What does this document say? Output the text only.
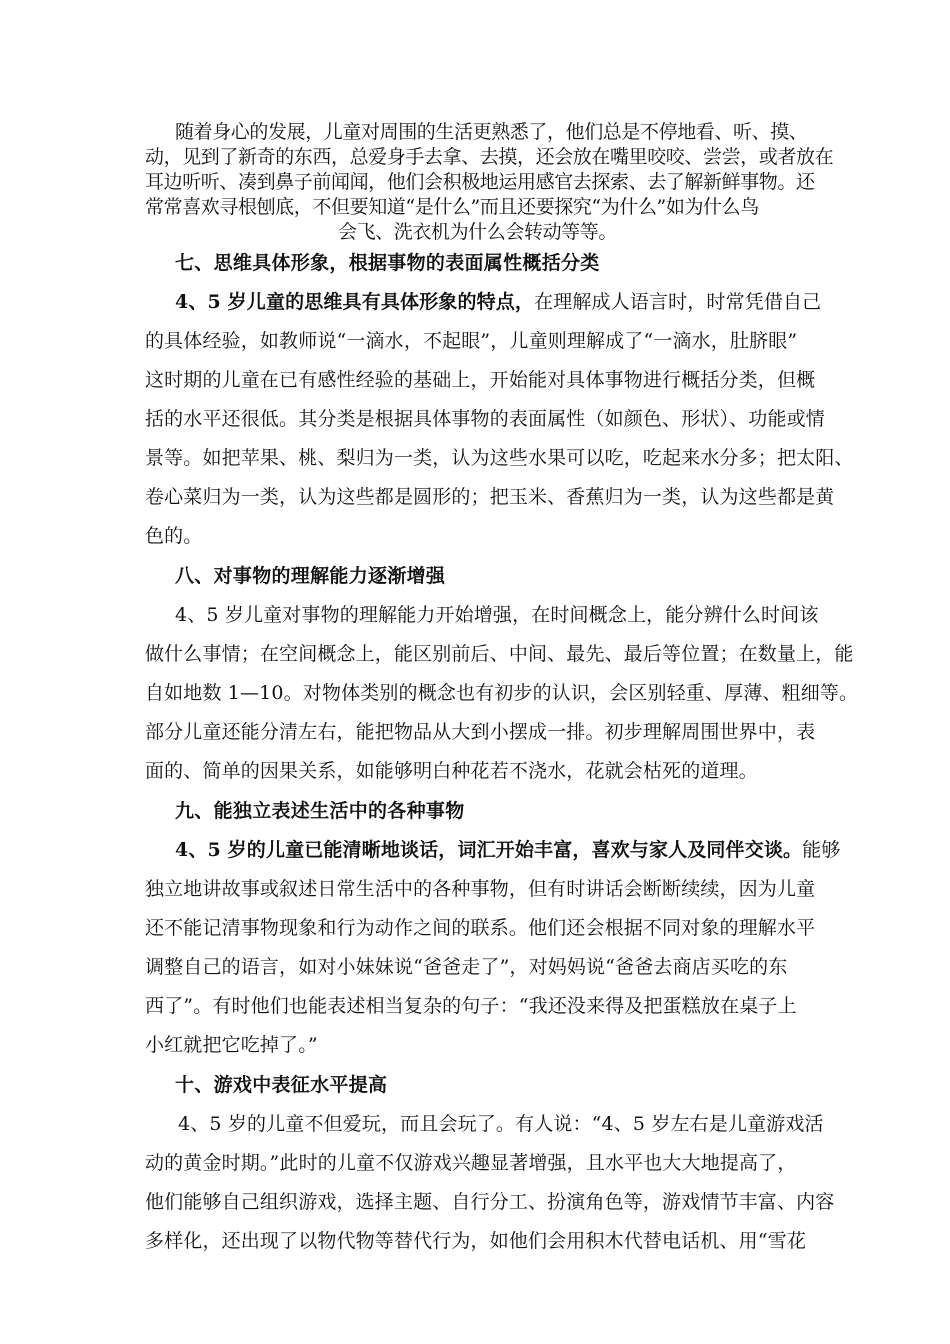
随着身心的发展，儿童对周围的生活更熟悉了，他们总是不停地看、听、摸、
动，见到了新奇的东西，总爱身手去拿、去摸，还会放在嘴里咬咬、尝尝，或者放在
耳边听听、凑到鼻子前闻闻，他们会积极地运用感官去探索、去了解新鲜事物。还
常常喜欢寻根刨底，不但要知道“是什么”而且还要探究“为什么”如为什么鸟
会飞、洗衣机为什么会转动等等。
七、思维具体形象，根据事物的表面属性概括分类
4、5 岁儿童的思维具有具体形象的特点，在理解成人语言时，时常凭借自己
的具体经验，如教师说“一滴水，不起眼”，儿童则理解成了“一滴水，肚脐眼”
这时期的儿童在已有感性经验的基础上，开始能对具体事物进行概括分类，但概
括的水平还很低。其分类是根据具体事物的表面属性（如颜色、形状）、功能或情
景等。如把苹果、桃、梨归为一类，认为这些水果可以吃，吃起来水分多；把太阳、
卷心菜归为一类，认为这些都是圆形的；把玉米、香蕉归为一类，认为这些都是黄
色的。
八、对事物的理解能力逐渐增强
4、5 岁儿童对事物的理解能力开始增强，在时间概念上，能分辨什么时间该
做什么事情；在空间概念上，能区别前后、中间、最先、最后等位置；在数量上，能
自如地数 1—10。对物体类别的概念也有初步的认识，会区别轻重、厚薄、粗细等。
部分儿童还能分清左右，能把物品从大到小摆成一排。初步理解周围世界中，表
面的、简单的因果关系，如能够明白种花若不浇水，花就会枯死的道理。
九、能独立表述生活中的各种事物
4、5 岁的儿童已能清晰地谈话，词汇开始丰富，喜欢与家人及同伴交谈。能够
独立地讲故事或叙述日常生活中的各种事物，但有时讲话会断断续续，因为儿童
还不能记清事物现象和行为动作之间的联系。他们还会根据不同对象的理解水平
调整自己的语言，如对小妹妹说“爸爸走了”，对妈妈说“爸爸去商店买吃的东
西了”。有时他们也能表述相当复杂的句子：“我还没来得及把蛋糕放在桌子上
小红就把它吃掉了。”
十、游戏中表征水平提高
4、5 岁的儿童不但爱玩，而且会玩了。有人说：“4、5 岁左右是儿童游戏活
动的黄金时期。”此时的儿童不仅游戏兴趣显著增强，且水平也大大地提高了，
他们能够自己组织游戏，选择主题、自行分工、扮演角色等，游戏情节丰富、内容
多样化，还出现了以物代物等替代行为，如他们会用积木代替电话机、用“雪花
